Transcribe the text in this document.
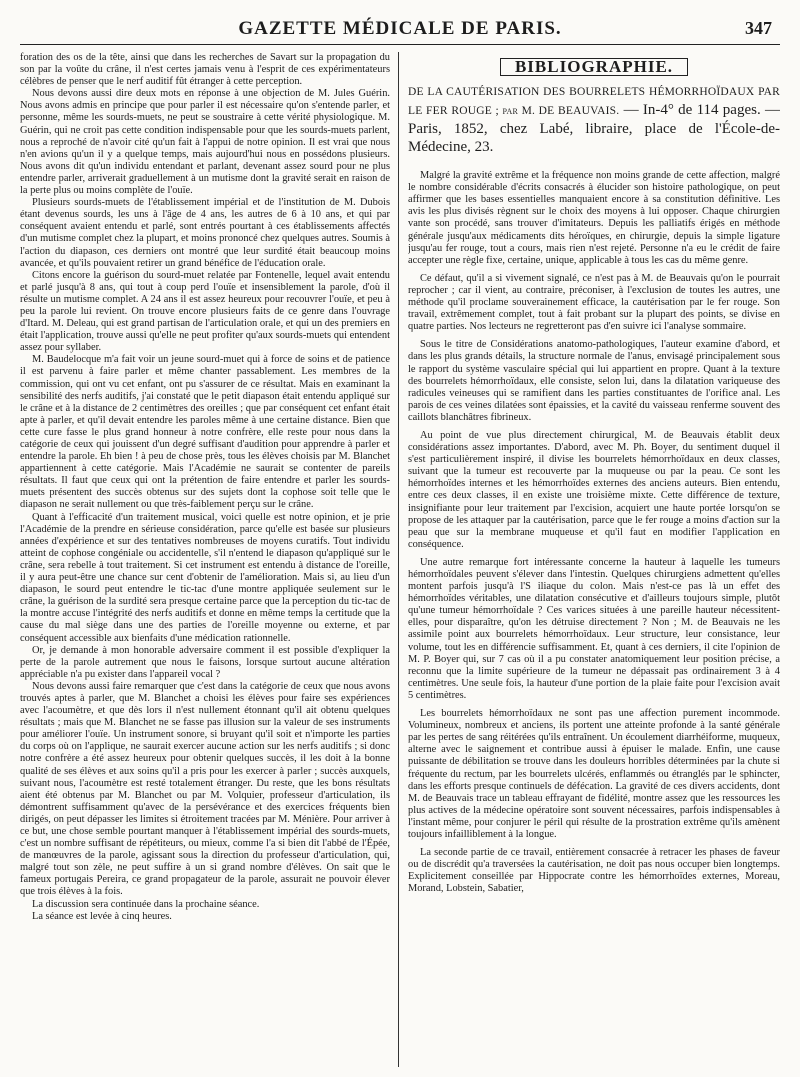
GAZETTE MÉDICALE DE PARIS.	347

foration des os de la tête, ainsi que dans les recherches de Savart sur la propagation du son par la voûte du crâne, il n'est certes jamais venu à l'esprit de ces expérimentateurs célèbres de penser que le nerf auditif fût étranger à cette perception.

Nous devons aussi dire deux mots en réponse à une objection de M. Jules Guérin. Nous avons admis en principe que pour parler il est nécessaire qu'on s'entende parler, et personne, même les sourds-muets, ne peut se soustraire à cette vérité physiologique. M. Guérin, qui ne croit pas cette condition indispensable pour que les sourds-muets parlent, nous a reproché de n'avoir cité qu'un fait à l'appui de notre opinion. Il est vrai que nous n'en avions qu'un il y a quelque temps, mais aujourd'hui nous en possédons plusieurs. Nous avons dit qu'un individu entendant et parlant, devenant assez sourd pour ne plus entendre parler, arriverait graduellement à un mutisme dont la gravité serait en raison de la perte plus ou moins complète de l'ouïe.

Plusieurs sourds-muets de l'établissement impérial et de l'institution de M. Dubois étant devenus sourds, les uns à l'âge de 4 ans, les autres de 6 à 10 ans, et qui par conséquent avaient entendu et parlé, sont entrés pourtant à ces établissements affectés d'un mutisme complet chez la plupart, et moins prononcé chez quelques autres. Soumis à l'action du diapason, ces derniers ont montré que leur surdité était beaucoup moins avancée, et qu'ils pouvaient retirer un grand bénéfice de l'éducation orale.

Citons encore la guérison du sourd-muet relatée par Fontenelle, lequel avait entendu et parlé jusqu'à 8 ans, qui tout à coup perd l'ouïe et insensiblement la parole, d'où il résulte un mutisme complet. A 24 ans il est assez heureux pour recouvrer l'ouïe, et peu à peu la parole lui revient. On trouve encore plusieurs faits de ce genre dans l'ouvrage d'Itard. M. Deleau, qui est grand partisan de l'articulation orale, et qui un des premiers en était l'application, trouve aussi qu'elle ne peut profiter qu'aux sourds-muets qui entendent assez pour syllaber.

M. Baudelocque m'a fait voir un jeune sourd-muet qui à force de soins et de patience il est parvenu à faire parler et même chanter passablement. Les membres de la commission, qui ont vu cet enfant, ont pu s'assurer de ce résultat. Mais en examinant la sensibilité des nerfs auditifs, j'ai constaté que le petit diapason était entendu appliqué sur le crâne et à la distance de 2 centimètres des oreilles ; que par conséquent cet enfant était apte à parler, et qu'il devait entendre les paroles même à une certaine distance. Bien que cette cure fasse le plus grand honneur à notre confrère, elle reste pour nous dans la catégorie de ceux qui jouissent d'un degré suffisant d'audition pour apprendre à parler et entendre la parole. Eh bien ! à peu de chose près, tous les élèves choisis par M. Blanchet appartiennent à cette catégorie. Mais l'Académie ne saurait se contenter de pareils résultats. Il faut que ceux qui ont la prétention de faire entendre et parler les sourds-muets présentent des succès obtenus sur des sujets dont la cophose soit telle que le diapason ne serait nullement ou que très-faiblement perçu sur le crâne.

Quant à l'efficacité d'un traitement musical, voici quelle est notre opinion, et je prie l'Académie de la prendre en sérieuse considération, parce qu'elle est basée sur plusieurs années d'expérience et sur des tentatives nombreuses de moyens curatifs. Tout individu atteint de cophose congéniale ou accidentelle, s'il n'entend le diapason qu'appliqué sur le crâne, sera rebelle à tout traitement. Si cet instrument est entendu à distance de l'oreille, il y aura peut-être une chance sur cent d'obtenir de l'amélioration. Mais si, au lieu d'un diapason, le sourd peut entendre le tic-tac d'une montre appliquée seulement sur le crâne, la guérison de la surdité sera presque certaine parce que la perception du tic-tac de la montre accuse l'intégrité des nerfs auditifs et donne en même temps la certitude que la cause du mal siège dans une des parties de l'oreille moyenne ou externe, et par conséquent accessible aux bienfaits d'une médication rationnelle.

Or, je demande à mon honorable adversaire comment il est possible d'expliquer la perte de la parole autrement que nous le faisons, lorsque surtout aucune altération appréciable n'a pu exister dans l'appareil vocal ?

Nous devons aussi faire remarquer que c'est dans la catégorie de ceux que nous avons trouvés aptes à parler, que M. Blanchet a choisi les élèves pour faire ses expériences avec l'acoumètre, et que dès lors il n'est nullement étonnant qu'il ait obtenu quelques résultats ; mais que M. Blanchet ne se fasse pas illusion sur la valeur de ses instruments pour améliorer l'ouïe. Un instrument sonore, si bruyant qu'il soit et n'importe les parties du corps où on l'applique, ne saurait exercer aucune action sur les nerfs auditifs ; si donc notre confrère a été assez heureux pour obtenir quelques succès, il les doit à la bonne qualité de ses élèves et aux soins qu'il a pris pour les exercer à parler ; succès auxquels, suivant nous, l'acoumètre est resté totalement étranger. Du reste, que les bons résultats aient été obtenus par M. Blanchet ou par M. Volquier, professeur d'articulation, ils démontrent suffisamment qu'avec de la persévérance et des exercices fréquents bien dirigés, on peut dépasser les limites si étroitement tracées par M. Ménière. Pour arriver à ce but, une chose semble pourtant manquer à l'établissement impérial des sourds-muets, c'est un nombre suffisant de répétiteurs, ou mieux, comme l'a si bien dit l'abbé de l'Épée, de manœuvres de la parole, agissant sous la direction du professeur d'articulation, qui, malgré tout son zèle, ne peut suffire à un si grand nombre d'élèves. On sait que le fameux portugais Pereira, ce grand propagateur de la parole, assurait ne pouvoir élever que trois élèves à la fois.

La discussion sera continuée dans la prochaine séance.

La séance est levée à cinq heures.

BIBLIOGRAPHIE.
DE LA CAUTÉRISATION DES BOURRELETS HÉMORRHOÏDAUX PAR LE FER ROUGE ; par M. DE BEAUVAIS. — In-4° de 114 pages. — Paris, 1852, chez Labé, libraire, place de l'École-de-Médecine, 23.

Malgré la gravité extrême et la fréquence non moins grande de cette affection, malgré le nombre considérable d'écrits consacrés à élucider son histoire pathologique, on peut affirmer que les bases essentielles manquaient encore à sa constitution définitive. Les avis les plus divisés règnent sur le choix des moyens à lui opposer. Chaque chirurgien vante son procédé, sans trouver d'imitateurs. Depuis les palliatifs érigés en méthode générale jusqu'aux médicaments dits héroïques, en chirurgie, depuis la simple ligature jusqu'au fer rouge, tout a cours, mais rien n'est rejeté. Personne n'a eu le crédit de faire accepter une règle fixe, certaine, unique, applicable à tous les cas du même genre.

Ce défaut, qu'il a si vivement signalé, ce n'est pas à M. de Beauvais qu'on le pourrait reprocher ; car il vient, au contraire, préconiser, à l'exclusion de toutes les autres, une méthode qu'il proclame souverainement efficace, la cautérisation par le fer rouge. Son travail, extrêmement complet, tout à fait probant sur la plupart des points, se divise en quatre parties. Nos lecteurs ne regretteront pas d'en suivre ici l'analyse sommaire.

Sous le titre de Considérations anatomo-pathologiques, l'auteur examine d'abord, et dans les plus grands détails, la structure normale de l'anus, envisagé principalement sous le rapport du système vasculaire spécial qui lui appartient en propre. Quant à la texture des bourrelets hémorrhoïdaux, elle consiste, selon lui, dans la dilatation variqueuse des radicules veineuses qui se ramifient dans les parties constituantes de l'orifice anal. Les parois de ces veines dilatées sont épaissies, et la cavité du vaisseau renferme souvent des caillots blanchâtres fibrineux.

Au point de vue plus directement chirurgical, M. de Beauvais établit deux considérations assez importantes. D'abord, avec M. Ph. Boyer, du sentiment duquel il s'est particulièrement inspiré, il divise les bourrelets hémorrhoïdaux en deux classes, suivant que la tumeur est recouverte par la muqueuse ou par la peau. Ce sont les hémorrhoïdes internes et les hémorrhoïdes externes des anciens auteurs. Bien entendu, entre ces deux classes, il en existe une troisième mixte. Cette différence de texture, insignifiante pour leur traitement par l'excision, acquiert une haute portée lorsqu'on se propose de les attaquer par la cautérisation, parce que le fer rouge a moins d'action sur la peau que sur la membrane muqueuse et qu'il faut en modifier l'application en conséquence.

Une autre remarque fort intéressante concerne la hauteur à laquelle les tumeurs hémorrhoïdales peuvent s'élever dans l'intestin. Quelques chirurgiens admettent qu'elles montent parfois jusqu'à l'S iliaque du colon. Mais n'est-ce pas là un effet des hémorrhoïdes véritables, une dilatation consécutive et d'ailleurs toujours simple, plutôt qu'une tumeur hémorrhoïdale ? Ces varices situées à une pareille hauteur nécessitent-elles, pour disparaître, qu'on les détruise directement ? Non ; M. de Beauvais ne les assimile point aux bourrelets hémorrhoïdaux. Leur structure, leur consistance, leur volume, tout les en différencie suffisamment. Et, quant à ces derniers, il cite l'opinion de M. P. Boyer qui, sur 7 cas où il a pu constater anatomiquement leur position précise, a reconnu que la limite supérieure de la tumeur ne dépassait pas ordinairement 3 à 4 centimètres. Une seule fois, la hauteur d'une portion de la plaie faite pour l'excision avait 5 centimètres.

Les bourrelets hémorrhoïdaux ne sont pas une affection purement incommode. Volumineux, nombreux et anciens, ils portent une atteinte profonde à la santé générale par les pertes de sang réitérées qu'ils entraînent. Un écoulement diarrhéiforme, muqueux, alterne avec le saignement et contribue aussi à épuiser le malade. Enfin, une cause puissante de débilitation se trouve dans les douleurs horribles déterminées par la chute si fréquente du rectum, par les bourrelets ulcérés, enflammés ou étranglés par le sphincter, dans les efforts presque continuels de défécation. La gravité de ces divers accidents, dont M. de Beauvais trace un tableau effrayant de fidélité, montre assez que les ressources les plus actives de la médecine opératoire sont souvent nécessaires, parfois indispensables à l'instant même, pour conjurer le péril qui résulte de la prostration extrême qu'ils amènent toujours infailliblement à la longue.

La seconde partie de ce travail, entièrement consacrée à retracer les phases de faveur ou de discrédit qu'a traversées la cautérisation, ne doit pas nous occuper bien longtemps. Explicitement conseillée par Hippocrate contre les hémorrhoïdes externes, Moreau, Morand, Lobstein, Sabatier,
